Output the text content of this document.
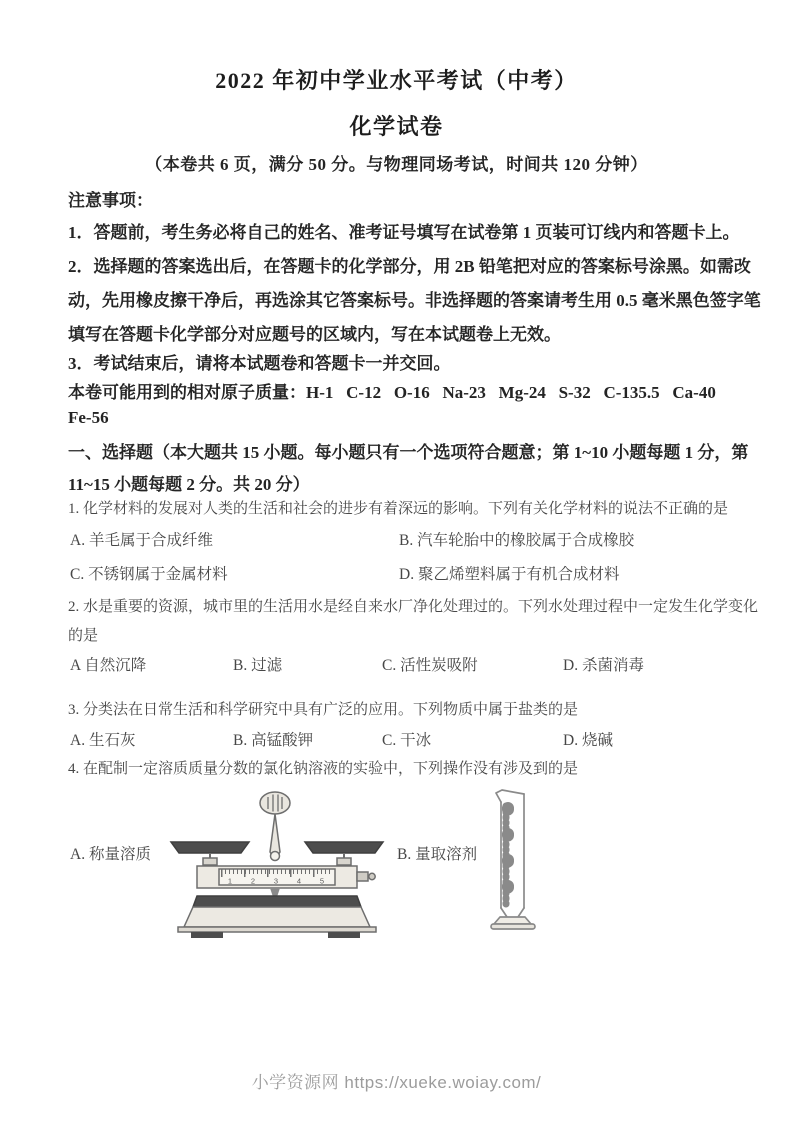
2022 年初中学业水平考试（中考）
化学试卷
（本卷共 6 页，满分 50 分。与物理同场考试，时间共 120 分钟）
注意事项：
1．答题前，考生务必将自己的姓名、准考证号填写在试卷第 1 页装可订线内和答题卡上。
2．选择题的答案选出后，在答题卡的化学部分，用 2B 铅笔把对应的答案标号涂黑。如需改
动，先用橡皮擦干净后，再选涂其它答案标号。非选择题的答案请考生用 0.5 毫米黑色签字笔
填写在答题卡化学部分对应题号的区域内，写在本试题卷上无效。
3．考试结束后，请将本试题卷和答题卡一并交回。
本卷可能用到的相对原子质量：H-1   C-12   O-16   Na-23   Mg-24   S-32   C-135.5   Ca-40
Fe-56
一、选择题（本大题共 15 小题。每小题只有一个选项符合题意；第 1~10 小题每题 1 分，第
11~15 小题每题 2 分。共 20 分）
1. 化学材料的发展对人类的生活和社会的进步有着深远的影响。下列有关化学材料的说法不正确的是
A. 羊毛属于合成纤维	B. 汽车轮胎中的橡胶属于合成橡胶
C. 不锈钢属于金属材料	D. 聚乙烯塑料属于有机合成材料
2. 水是重要的资源，城市里的生活用水是经自来水厂净化处理过的。下列水处理过程中一定发生化学变化
的是
A 自然沉降	B. 过滤	C. 活性炭吸附	D. 杀菌消毒
3. 分类法在日常生活和科学研究中具有广泛的应用。下列物质中属于盐类的是
A. 生石灰	B. 高锰酸钾	C. 干冰	D. 烧碱
4. 在配制一定溶质质量分数的氯化钠溶液的实验中，下列操作没有涉及到的是
A. 称量溶质	B. 量取溶剂
1	2	3	4	5
小学资源网 https://xueke.woiay.com/
